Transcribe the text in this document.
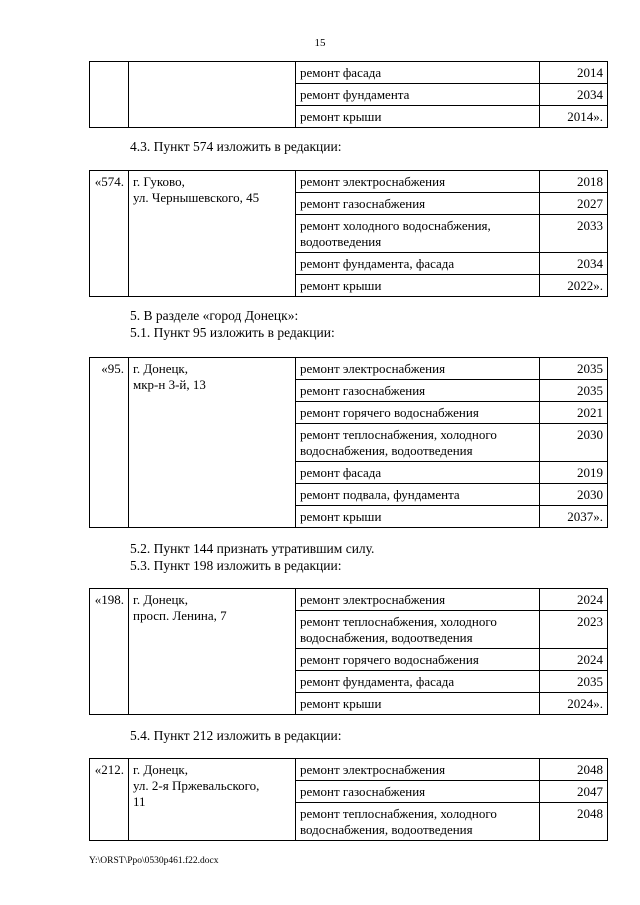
15

		ремонт фасада	2014

		ремонт фундамента	2034

		ремонт крыши	2014».
4.3. Пункт 574 изложить в редакции:
«574.	г. Гуково,
ул. Чернышевского, 45	ремонт электроснабжения	2018

		ремонт газоснабжения	2027

		ремонт холодного водоснабжения,
водоотведения	2033

		ремонт фундамента, фасада	2034

		ремонт крыши	2022».
5. В разделе «город Донецк»:
5.1. Пункт 95 изложить в редакции:
«95.	г. Донецк,
мкр-н 3-й, 13	ремонт электроснабжения	2035

		ремонт газоснабжения	2035

		ремонт горячего водоснабжения	2021

		ремонт теплоснабжения, холодного
водоснабжения, водоотведения	2030

		ремонт фасада	2019

		ремонт подвала, фундамента	2030

		ремонт крыши	2037».
5.2. Пункт 144 признать утратившим силу.
5.3. Пункт 198 изложить в редакции:
«198.	г. Донецк,
просп. Ленина, 7	ремонт электроснабжения	2024

		ремонт теплоснабжения, холодного
водоснабжения, водоотведения	2023

		ремонт горячего водоснабжения	2024

		ремонт фундамента, фасада	2035

		ремонт крыши	2024».
5.4. Пункт 212 изложить в редакции:
«212.	г. Донецк,
ул. 2-я Пржевальского,
11	ремонт электроснабжения	2048

		ремонт газоснабжения	2047

		ремонт теплоснабжения, холодного
водоснабжения, водоотведения	2048
Y:\ORST\Ppo\0530p461.f22.docx
